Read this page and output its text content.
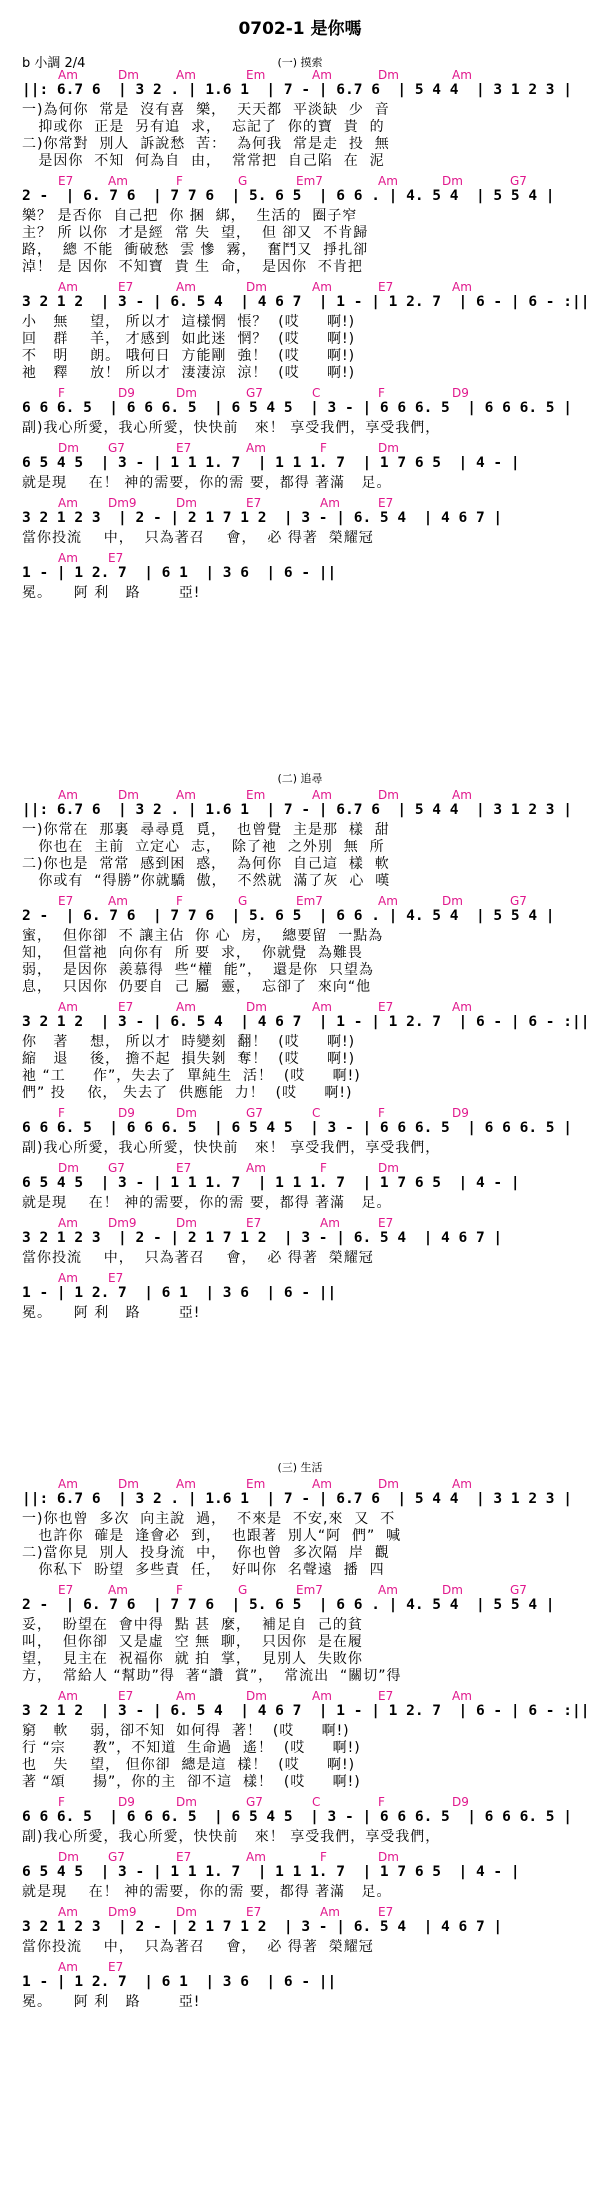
0702-1 是你嗎
b 小調 2/4	(一) 摸索
Am	Dm	Am	Em	Am	Dm	Am
||: 6.7 6  | 3 2 . | 1.6 1  | 7 - | 6.7 6  | 5 4 4  | 3 1 2 3 |
一)為何你  常是  沒有喜  樂，  天天都  平淡缺  少  音
抑或你  正是  另有追  求，  忘記了  你的寶  貴  的
二)你常對  別人  訴說愁  苦：  為何我  常是走  投  無
是因你  不知  何為自  由，  常常把  自己陷  在  泥
E7	Am	F	G	Em7	Am	Dm	G7
2 -  | 6. 7 6  | 7 7 6  | 5. 6 5  | 6 6 . | 4. 5 4  | 5 5 4 |
樂？ 是否你  自己把  你 捆  綁，  生活的  圈子窄
主？ 所 以你  才是經  常 失  望，  但 卻又  不肯歸
路，  總 不能  衝破愁  雲 慘  霧，  奮鬥又  掙扎卻
淖！ 是 因你  不知寶  貴 生  命，  是因你  不肯把
Am	E7	Am	Dm	Am	E7	Am
3 2 1 2  | 3 - | 6. 5 4  | 4 6 7  | 1 - | 1 2. 7  | 6 - | 6 - :||
小   無    望， 所以才  這樣惘  悵？  (哎     啊!)
回   群    羊， 才感到  如此迷  惘？  (哎     啊!)
不   明    朗。 哦何日  方能剛  強！  (哎     啊!)
祂   釋    放！ 所以才  淒淒涼  涼！  (哎     啊!)
F	D9	Dm	G7	C	F	D9
6 6 6. 5  | 6 6 6. 5  | 6 5 4 5  | 3 - | 6 6 6. 5  | 6 6 6. 5 |
副)我心所愛，我心所愛，快快前   來！ 享受我們，享受我們，
Dm G7	E7	Am	F	Dm
6 5 4 5  | 3 - | 1 1 1. 7  | 1 1 1. 7  | 1 7 6 5  | 4 - |
就是現    在！ 神的需要，你的需 要，都得 著滿   足。
Am	Dm9	Dm	E7	Am	E7
3 2 1 2 3  | 2 - | 2 1 7 1 2  | 3 - | 6. 5 4  | 4 6 7 |
當你投流    中，  只為著召    會，  必 得著  榮耀冠
Am	E7
1 - | 1 2. 7  | 6 1  | 3 6  | 6 - ||
冕。    阿 利   路       亞!
(二) 追尋
Am	Dm	Am	Em	Am	Dm	Am
||: 6.7 6  | 3 2 . | 1.6 1  | 7 - | 6.7 6  | 5 4 4  | 3 1 2 3 |
一)你常在  那裏  尋尋覓  覓，  也曾覺  主是那  樣  甜
你也在  主前  立定心  志，  除了祂  之外別  無  所
二)你也是  常常  感到困  惑，  為何你  自己這  樣  軟
你或有  “得勝”你就驕  傲，  不然就  滿了灰  心  嘆
E7	Am	F	G	Em7	Am	Dm	G7
2 -  | 6. 7 6  | 7 7 6  | 5. 6 5  | 6 6 . | 4. 5 4  | 5 5 4 |
蜜，  但你卻  不 讓主佔  你 心  房，  總要留  一點為
知，  但當祂  向你有  所 要  求，  你就覺  為難畏
弱，  是因你  羨慕得  些“權  能”，  還是你  只望為
息，  只因你  仍要自  己 屬  靈，  忘卻了  來向“他
Am	E7	Am	Dm	Am	E7	Am
3 2 1 2  | 3 - | 6. 5 4  | 4 6 7  | 1 - | 1 2. 7  | 6 - | 6 - :||
你   著    想， 所以才  時變刻  翻！  (哎     啊!)
縮   退    後， 擔不起  損失剝  奪！  (哎     啊!)
祂 “工     作”，失去了  單純生  活！  (哎     啊!)
們” 投    依， 失去了  供應能  力！  (哎     啊!)
F	D9	Dm	G7	C	F	D9
6 6 6. 5  | 6 6 6. 5  | 6 5 4 5  | 3 - | 6 6 6. 5  | 6 6 6. 5 |
副)我心所愛，我心所愛，快快前   來！ 享受我們，享受我們，
Dm G7	E7	Am	F	Dm
6 5 4 5  | 3 - | 1 1 1. 7  | 1 1 1. 7  | 1 7 6 5  | 4 - |
就是現    在！ 神的需要，你的需 要，都得 著滿   足。
Am	Dm9	Dm	E7	Am	E7
3 2 1 2 3  | 2 - | 2 1 7 1 2  | 3 - | 6. 5 4  | 4 6 7 |
當你投流    中，  只為著召    會，  必 得著  榮耀冠
Am	E7
1 - | 1 2. 7  | 6 1  | 3 6  | 6 - ||
冕。    阿 利   路       亞!
(三) 生活
Am	Dm	Am	Em	Am	Dm	Am
||: 6.7 6  | 3 2 . | 1.6 1  | 7 - | 6.7 6  | 5 4 4  | 3 1 2 3 |
一)你也曾  多次  向主說  過，  不來是  不安,來  又  不
也許你  確是  逢會必  到，  也跟著  別人“阿  們”  喊
二)當你見  別人  投身流  中，  你也曾  多次隔  岸  觀
你私下  盼望  多些責  任，  好叫你  名聲遠  播  四
E7	Am	F	G	Em7	Am	Dm	G7
2 -  | 6. 7 6  | 7 7 6  | 5. 6 5  | 6 6 . | 4. 5 4  | 5 5 4 |
妥，  盼望在  會中得  點 甚  麼，  補足自  己的貧
叫，  但你卻  又是虛  空 無  聊，  只因你  是在履
望，  見主在  祝福你  就 拍  掌，  見別人  失敗你
方，  常給人 “幫助”得  著“讚  賞”，  常流出  “關切”得
Am	E7	Am	Dm	Am	E7	Am
3 2 1 2  | 3 - | 6. 5 4  | 4 6 7  | 1 - | 1 2. 7  | 6 - | 6 - :||
窮   軟    弱，卻不知  如何得  著！  (哎     啊!)
行 “宗     教”，不知道  生命過  遙！  (哎     啊!)
也   失    望， 但你卻  總是這  樣！  (哎     啊!)
著 “頌     揚”，你的主  卻不這  樣！  (哎     啊!)
F	D9	Dm	G7	C	F	D9
6 6 6. 5  | 6 6 6. 5  | 6 5 4 5  | 3 - | 6 6 6. 5  | 6 6 6. 5 |
副)我心所愛，我心所愛，快快前   來！ 享受我們，享受我們，
Dm G7	E7	Am	F	Dm
6 5 4 5  | 3 - | 1 1 1. 7  | 1 1 1. 7  | 1 7 6 5  | 4 - |
就是現    在！ 神的需要，你的需 要，都得 著滿   足。
Am	Dm9	Dm	E7	Am	E7
3 2 1 2 3  | 2 - | 2 1 7 1 2  | 3 - | 6. 5 4  | 4 6 7 |
當你投流    中，  只為著召    會，  必 得著  榮耀冠
Am	E7
1 - | 1 2. 7  | 6 1  | 3 6  | 6 - ||
冕。    阿 利   路       亞!
